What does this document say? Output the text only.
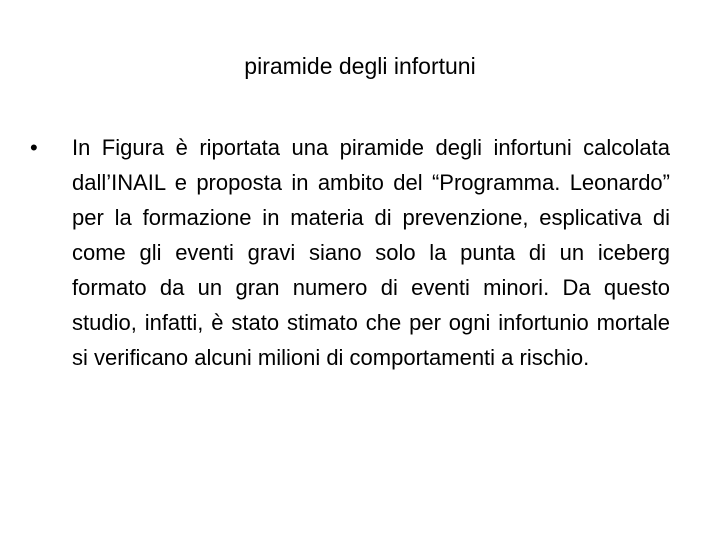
piramide degli infortuni
•	In Figura è riportata una piramide degli infortuni calcolata dall’INAIL e proposta in ambito del “Programma. Leonardo” per la formazione in materia di prevenzione, esplicativa di come gli eventi gravi siano solo la punta di un iceberg formato da un gran numero di eventi minori. Da questo studio, infatti, è stato stimato che per ogni infortunio mortale si verificano alcuni milioni di comportamenti a rischio.
